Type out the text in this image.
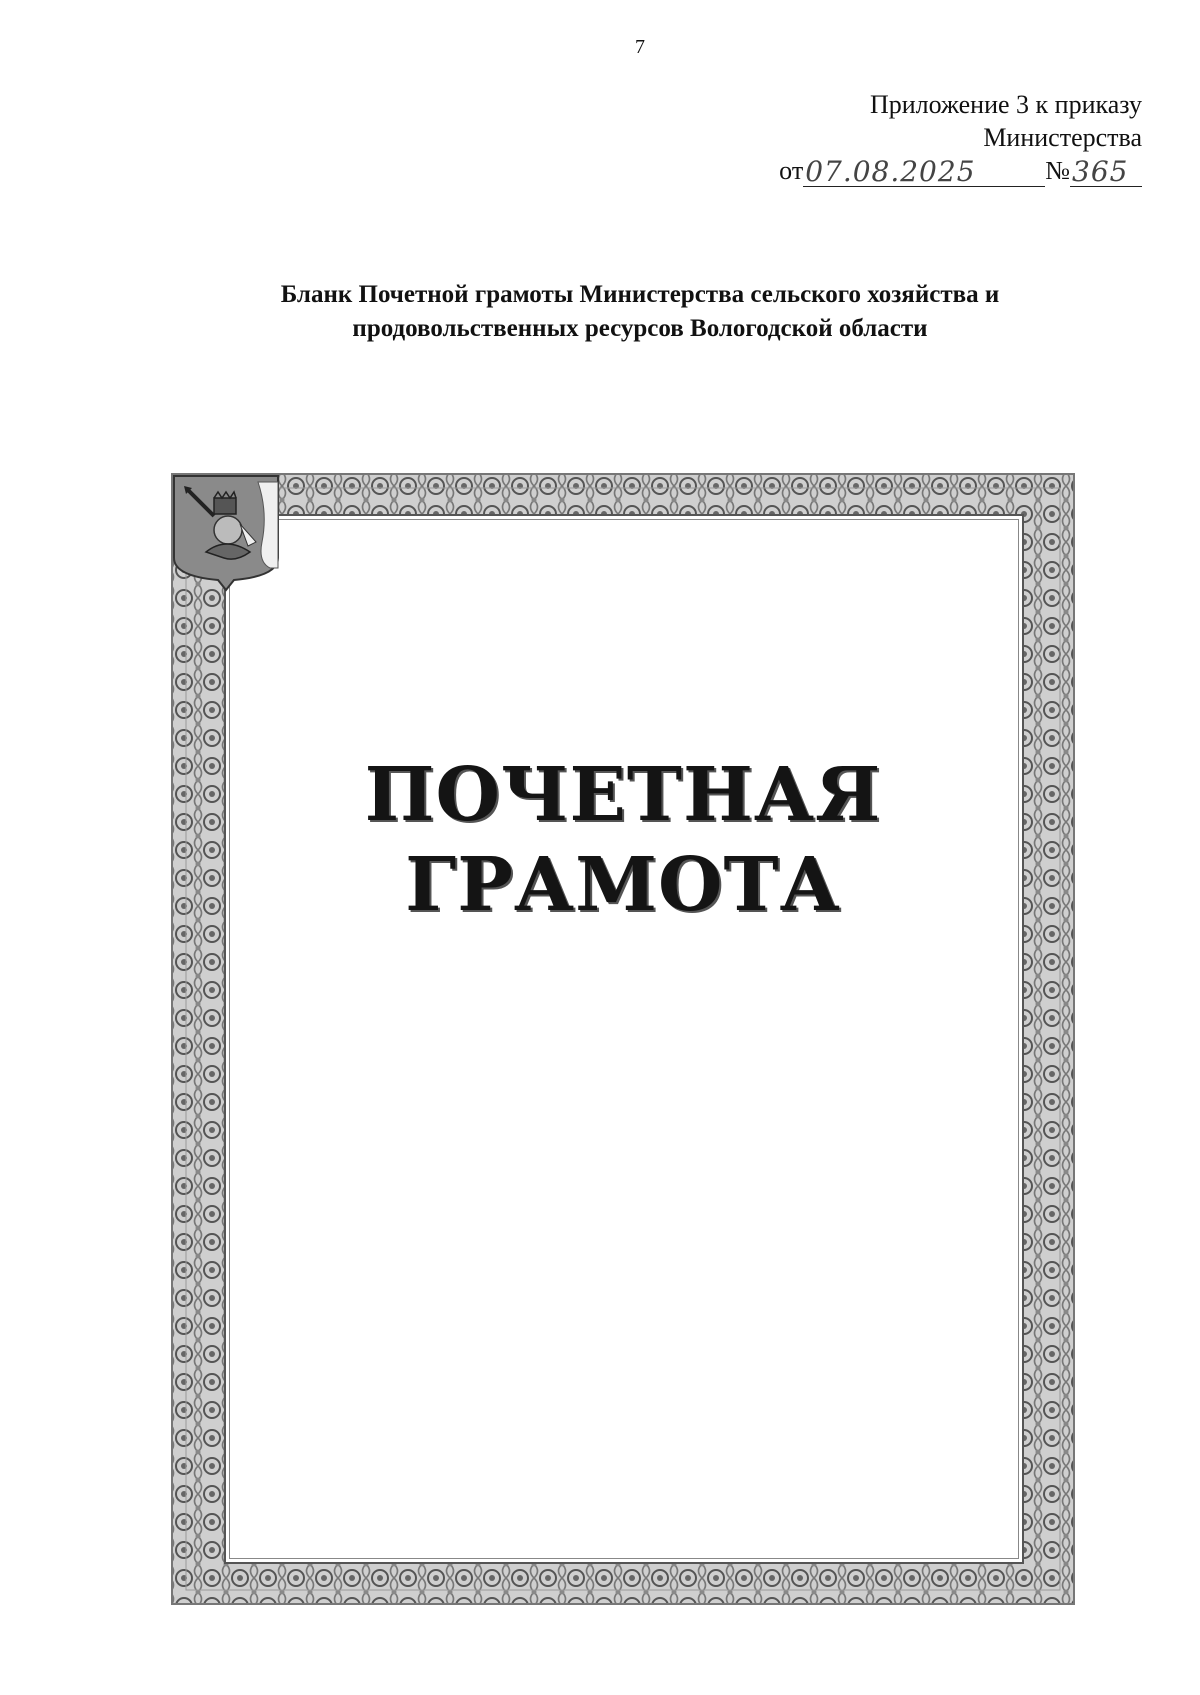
7
Приложение 3 к приказу
Министерства
от 07.08.2025	№ 365
Бланк Почетной грамоты Министерства сельского хозяйства и
продовольственных ресурсов Вологодской области
ПОЧЕТНАЯ
ГРАМОТА
